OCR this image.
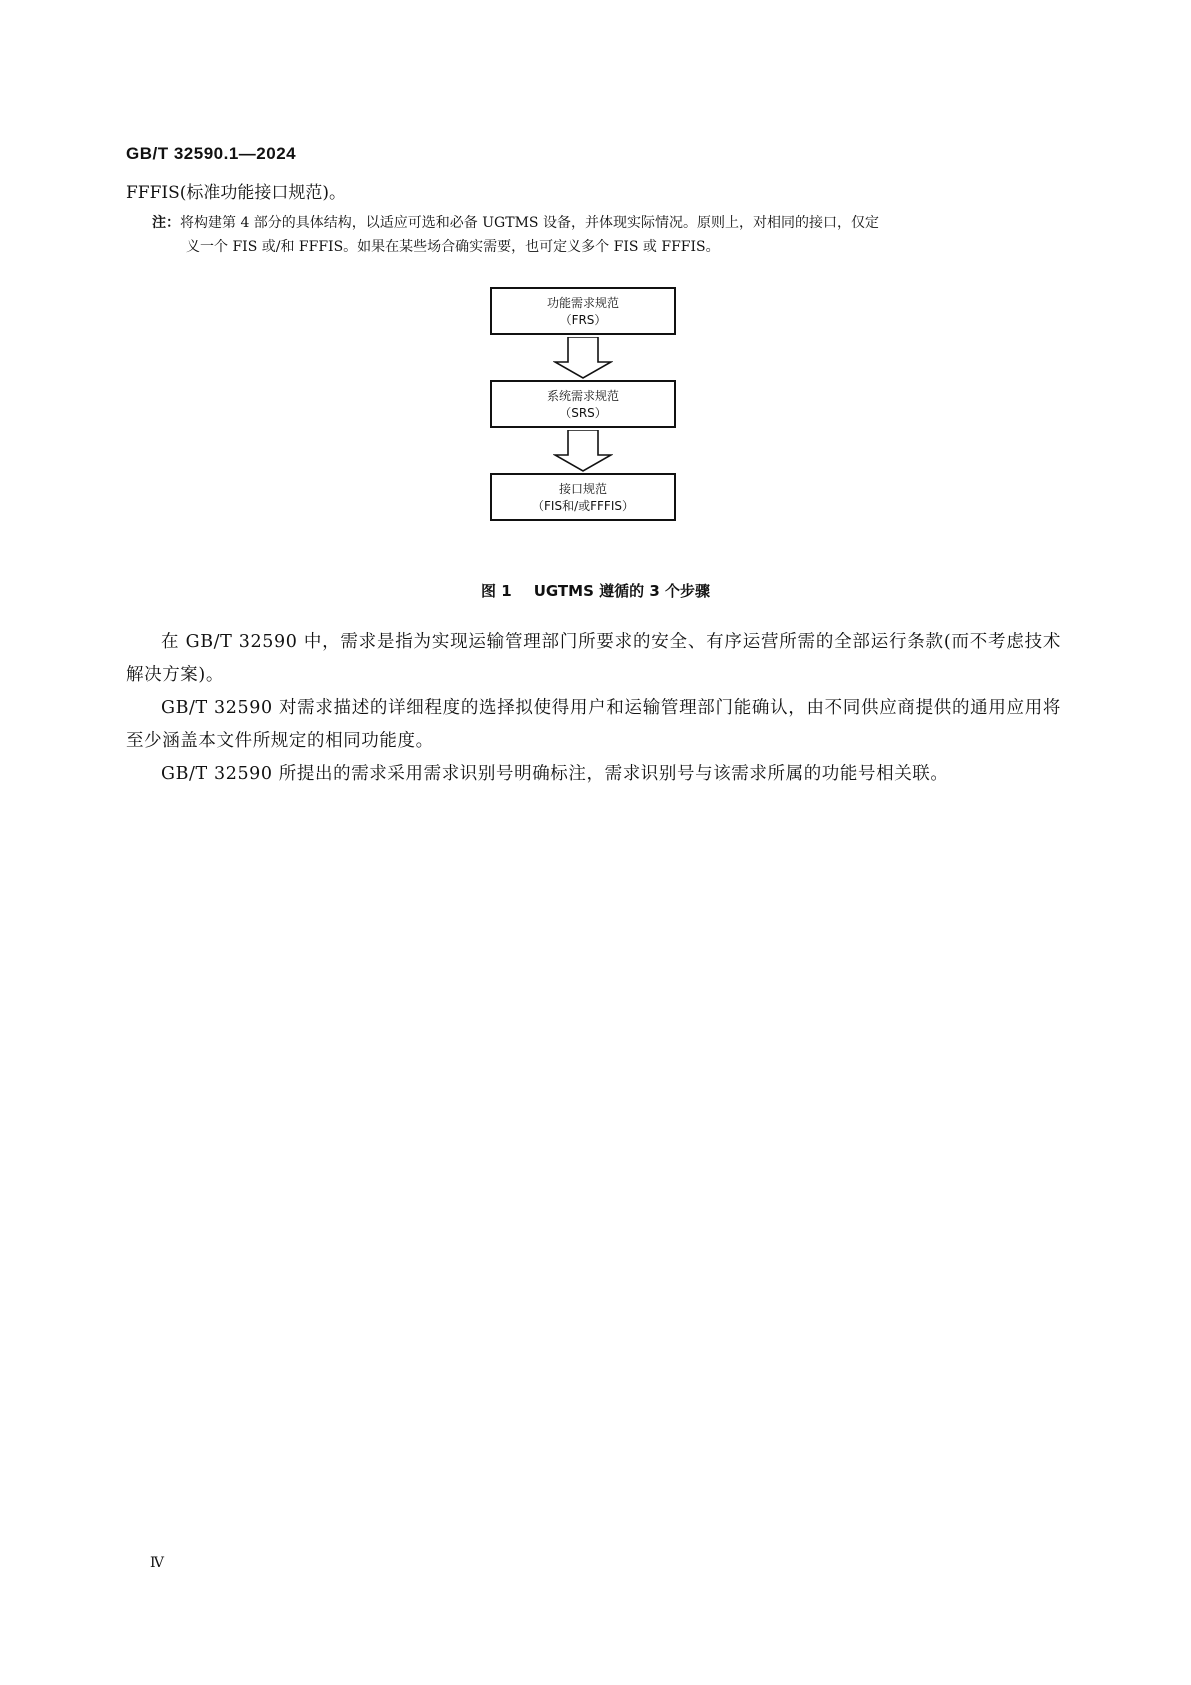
GB/T 32590.1—2024
FFFIS(标准功能接口规范)。
注：将构建第 4 部分的具体结构，以适应可选和必备 UGTMS 设备，并体现实际情况。原则上，对相同的接口，仅定
义一个 FIS 或/和 FFFIS。如果在某些场合确实需要，也可定义多个 FIS 或 FFFIS。
功能需求规范
（FRS）
系统需求规范
（SRS）
接口规范
（FIS和/或FFFIS）
图 1 UGTMS 遵循的 3 个步骤
在 GB/T 32590 中，需求是指为实现运输管理部门所要求的安全、有序运营所需的全部运行条款(而不考虑技术解决方案)。
GB/T 32590 对需求描述的详细程度的选择拟使得用户和运输管理部门能确认，由不同供应商提供的通用应用将至少涵盖本文件所规定的相同功能度。
GB/T 32590 所提出的需求采用需求识别号明确标注，需求识别号与该需求所属的功能号相关联。
Ⅳ
